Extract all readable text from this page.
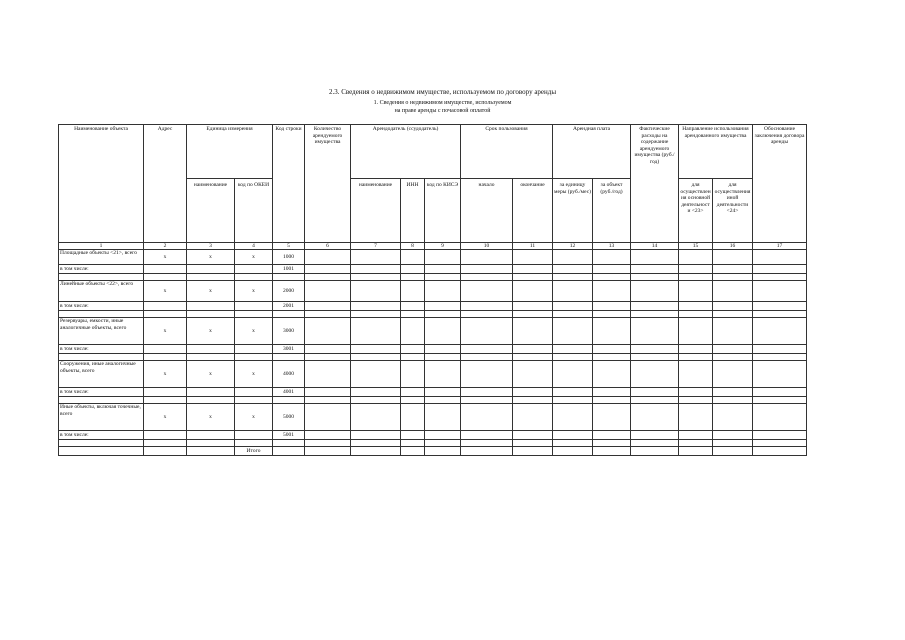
2.3. Сведения о недвижимом имуществе, используемом по договору аренды
1. Сведения о недвижимом имуществе, используемом
на праве аренды с почасовой оплатой
Наименование объекта	Адрес	Единица измерения		Код строки	Количество арендуемого имущества	Арендодатель (ссудодатель)			Срок пользования		Арендная плата		Фактические расходы на содержание арендуемого имущества (руб./год)	Направление использования арендованного имущества		Обоснование заключения договора аренды
		наименование	код по ОКЕИ			наименование	ИНН	код по КИСЭ	начало	окончание	за единицу меры (руб./мес)	за объект (руб./год)		для осуществления основной деятельности <23>	для осуществления иной деятельности <24>	
1	2	3	4	5	6	7	8	9	10	11	12	13	14	15	16	17
Площадные объекты <21>, всего	x	x	x	1000												
в том числе:				1001												

Линейные объекты <22>, всего	x	x	x	2000												
в том числе:				2001												

Резервуары, емкости, иные аналогичные объекты, всего	x	x	x	3000												
в том числе:				3001												

Сооружения, иные аналогичные объекты, всего	x	x	x	4000												
в том числе:				4001												

Иные объекты, включая точечные, всего	x	x	x	5000												
в том числе:				5001												

			Итого													
